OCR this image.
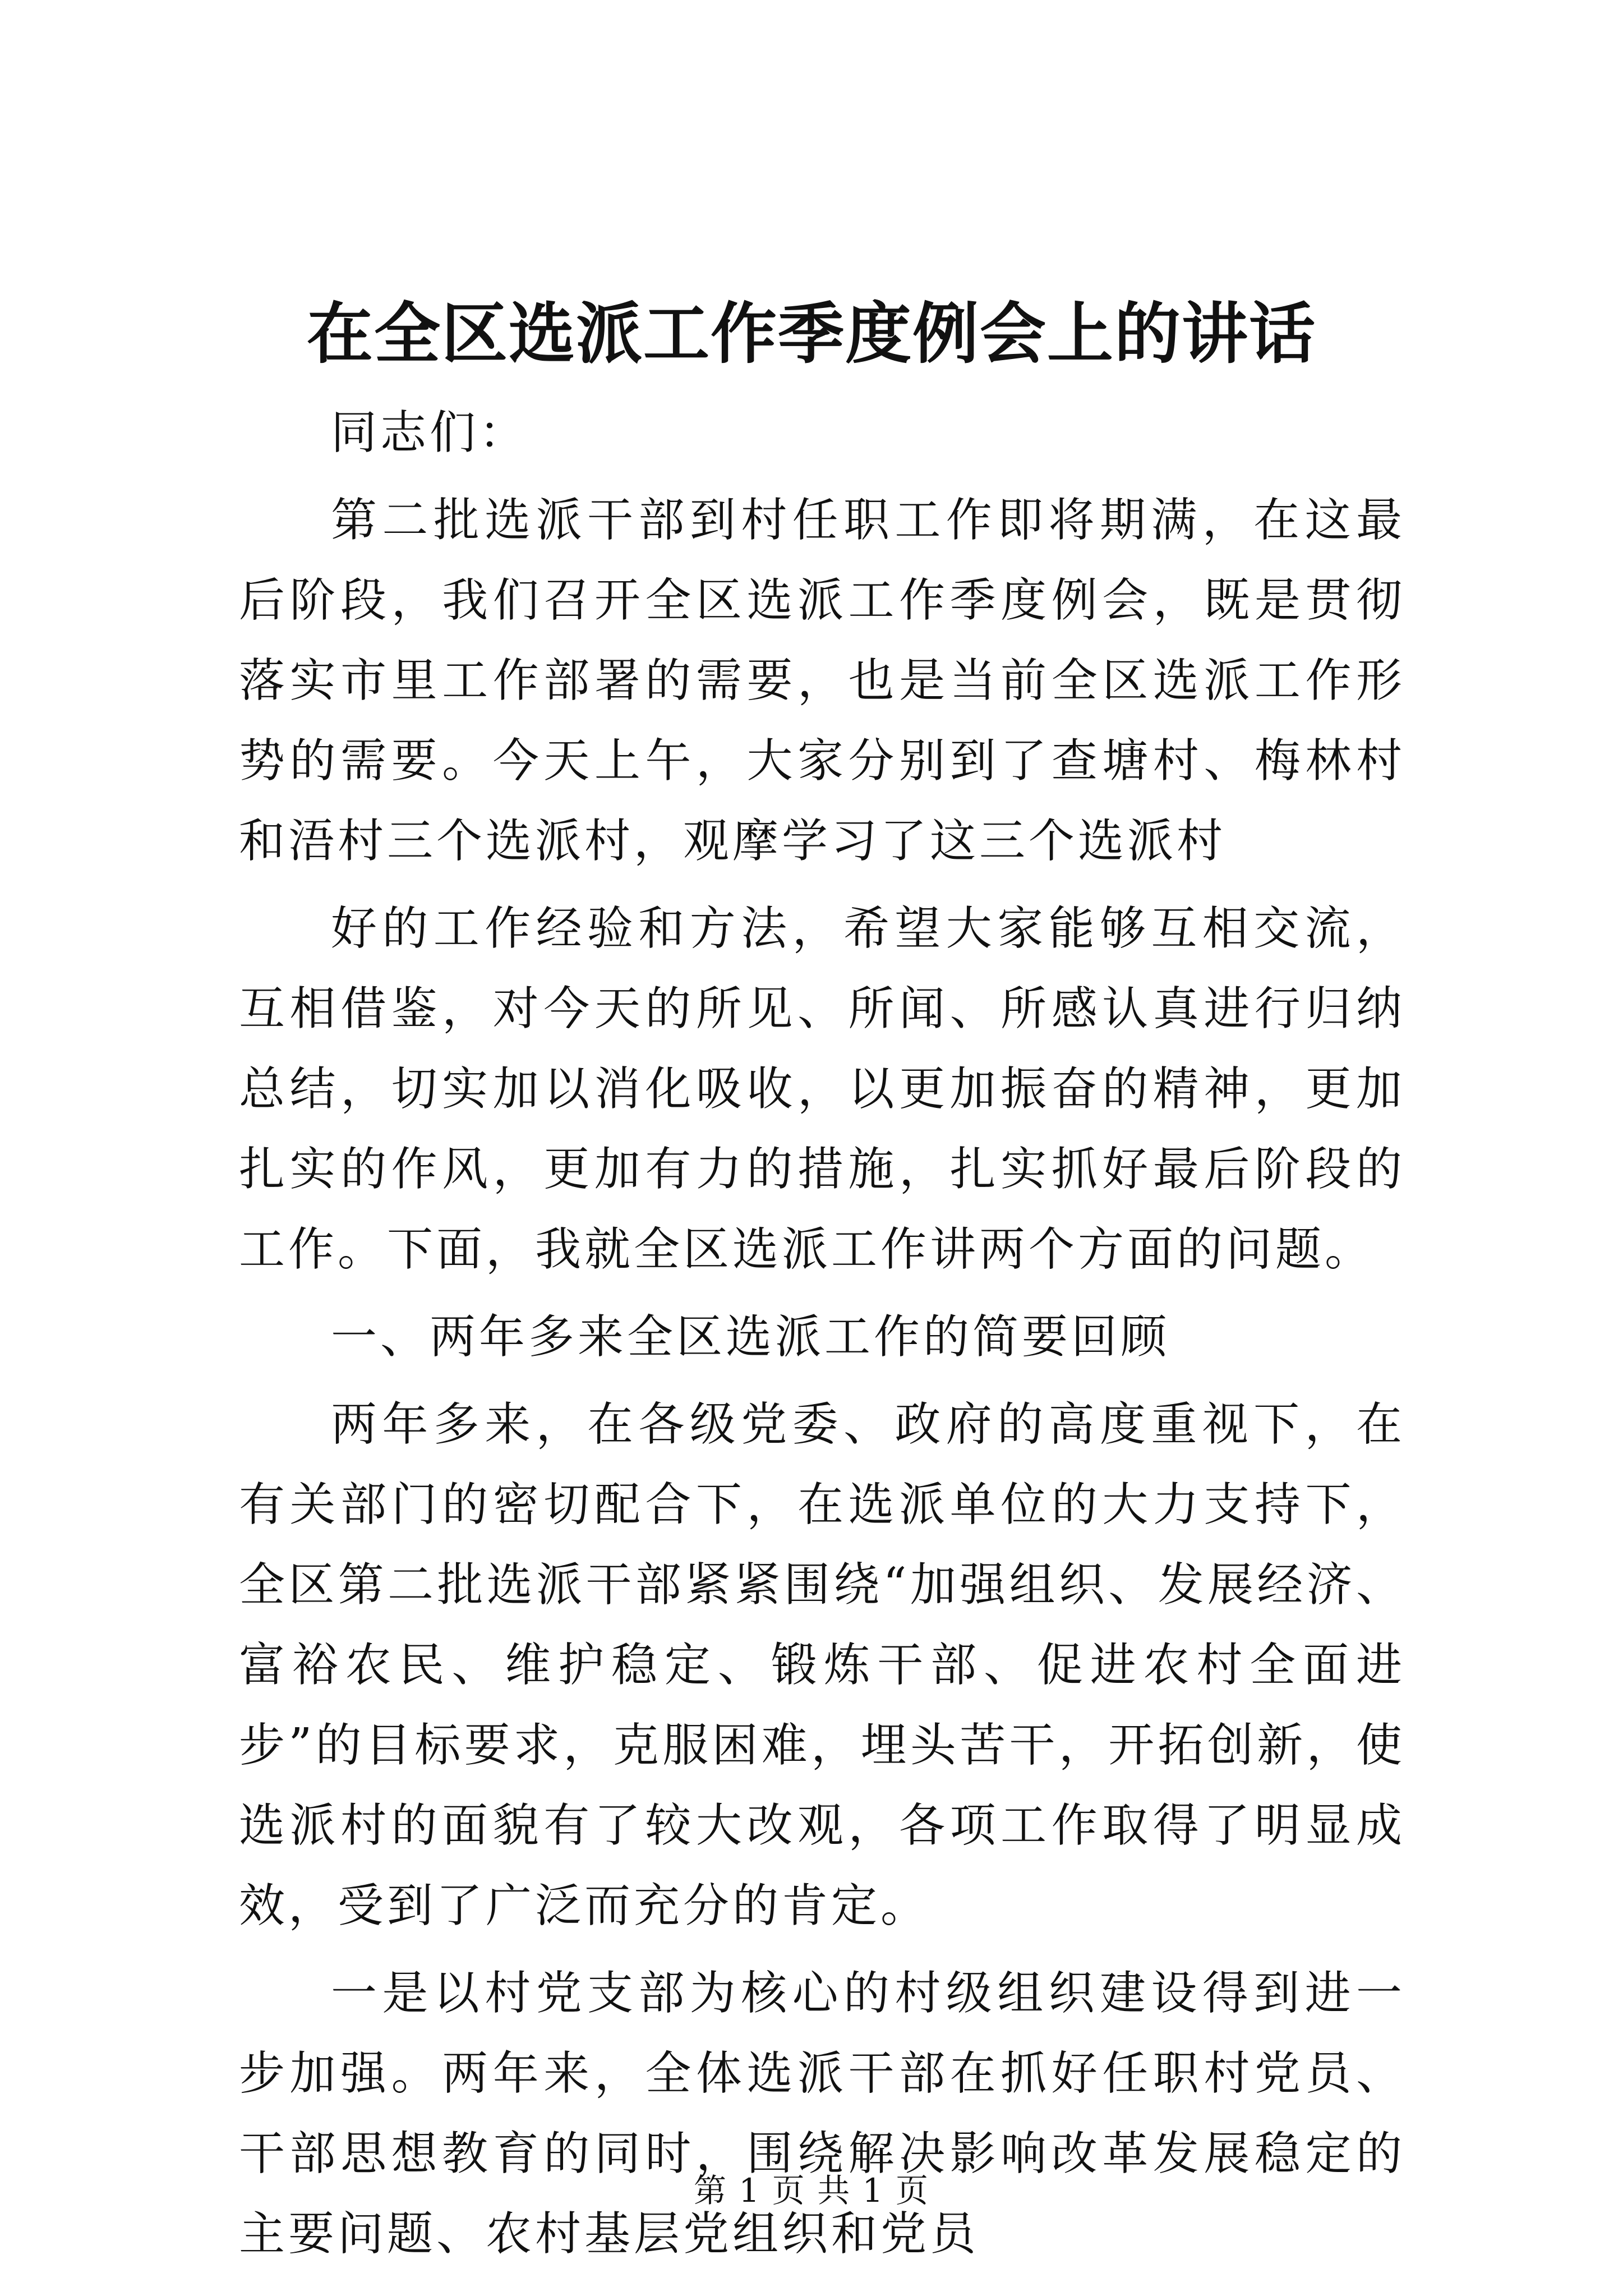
在全区选派工作季度例会上的讲话

同志们：

第二批选派干部到村任职工作即将期满，在这最后阶段，我们召开全区选派工作季度例会，既是贯彻落实市里工作部署的需要，也是当前全区选派工作形势的需要。今天上午，大家分别到了查塘村、梅林村和浯村三个选派村，观摩学习了这三个选派村

好的工作经验和方法，希望大家能够互相交流，互相借鉴，对今天的所见、所闻、所感认真进行归纳总结，切实加以消化吸收，以更加振奋的精神，更加扎实的作风，更加有力的措施，扎实抓好最后阶段的工作。下面，我就全区选派工作讲两个方面的问题。

一、两年多来全区选派工作的简要回顾

两年多来，在各级党委、政府的高度重视下，在有关部门的密切配合下，在选派单位的大力支持下，全区第二批选派干部紧紧围绕“加强组织、发展经济、富裕农民、维护稳定、锻炼干部、促进农村全面进步”的目标要求，克服困难，埋头苦干，开拓创新，使选派村的面貌有了较大改观，各项工作取得了明显成效，受到了广泛而充分的肯定。

一是以村党支部为核心的村级组织建设得到进一步加强。两年来，全体选派干部在抓好任职村党员、干部思想教育的同时，围绕解决影响改革发展稳定的主要问题、农村基层党组织和党员

第 1 页 共 1 页
